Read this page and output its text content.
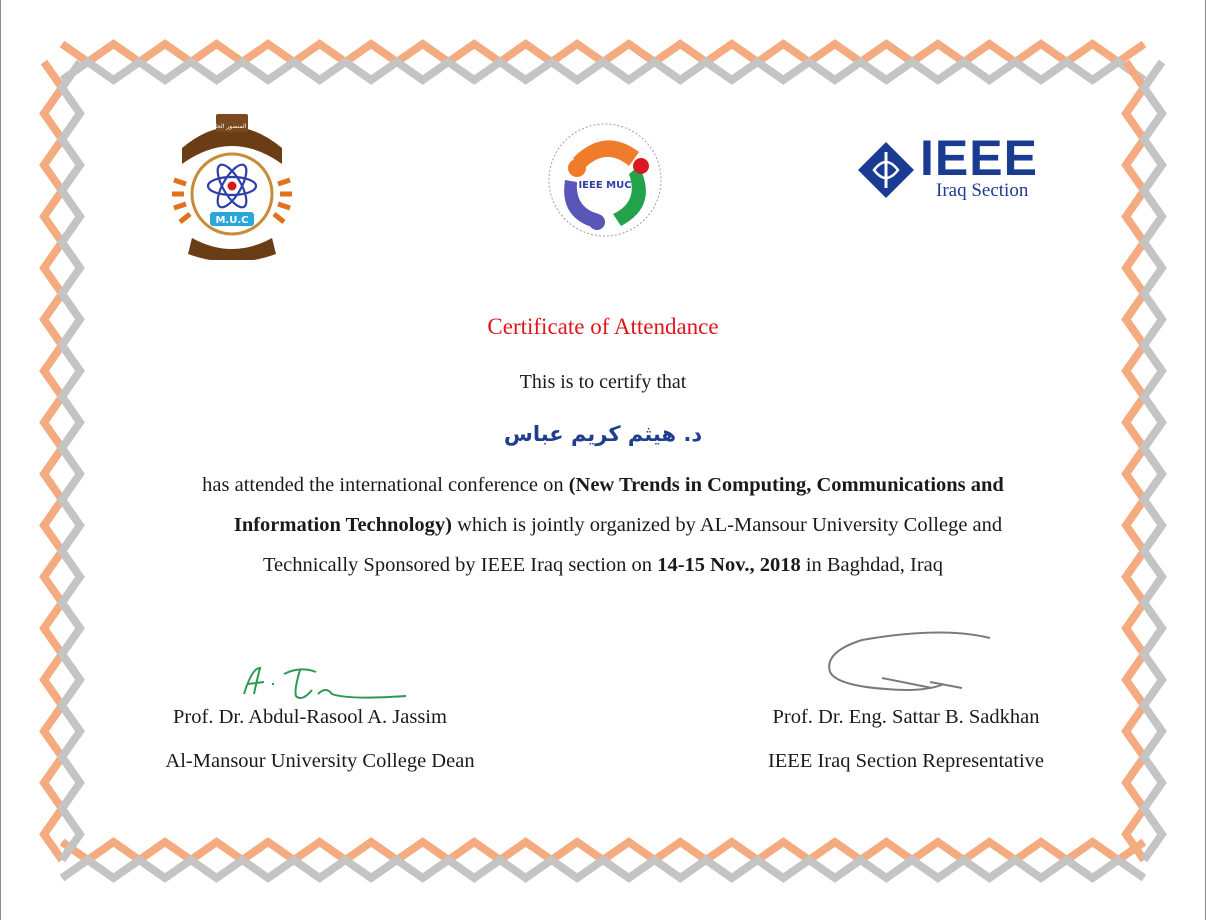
M.U.C
كلية المنصور الجامعة
IEEE MUC	IEEE
Iraq Section
Certificate of Attendance
This is to certify that
د. هيثم كريم عباس
has attended the international conference on (New Trends in Computing, Communications and
Information Technology) which is jointly organized by AL-Mansour University College and
Technically Sponsored by IEEE Iraq section on 14-15 Nov., 2018 in Baghdad, Iraq
Prof. Dr. Abdul-Rasool A. Jassim
Al-Mansour University College Dean
Prof. Dr. Eng. Sattar B. Sadkhan
IEEE Iraq Section Representative
